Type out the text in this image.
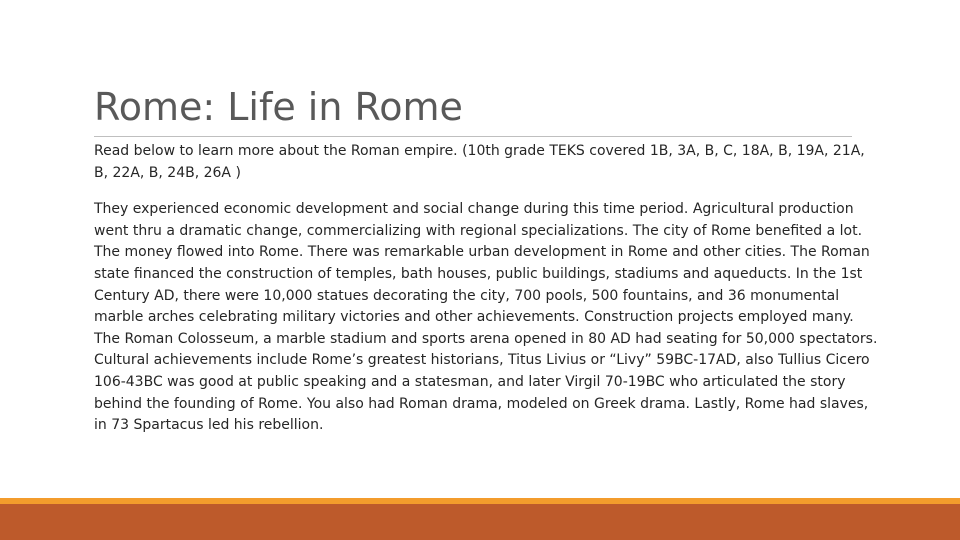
Rome: Life in Rome

Read below to learn more about the Roman empire. (10th grade TEKS covered 1B, 3A, B, C, 18A, B, 19A, 21A, B, 22A, B, 24B, 26A )

They experienced economic development and social change during this time period. Agricultural production went thru a dramatic change, commercializing with regional specializations. The city of Rome benefited a lot. The money flowed into Rome. There was remarkable urban development in Rome and other cities. The Roman state financed the construction of temples, bath houses, public buildings, stadiums and aqueducts. In the 1st Century AD, there were 10,000 statues decorating the city, 700 pools, 500 fountains, and 36 monumental marble arches celebrating military victories and other achievements. Construction projects employed many. The Roman Colosseum, a marble stadium and sports arena opened in 80 AD had seating for 50,000 spectators. Cultural achievements include Rome’s greatest historians, Titus Livius or “Livy” 59BC-17AD, also Tullius Cicero 106-43BC was good at public speaking and a statesman, and later Virgil 70-19BC who articulated the story behind the founding of Rome. You also had Roman drama, modeled on Greek drama. Lastly, Rome had slaves, in 73 Spartacus led his rebellion.
